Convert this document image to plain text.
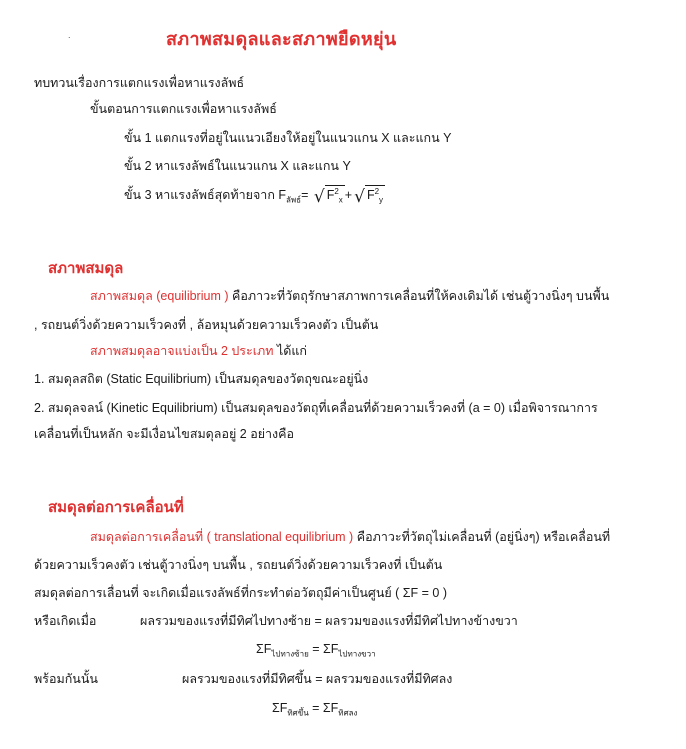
.	สภาพสมดุลและสภาพยืดหยุ่น
ทบทวนเรื่องการแตกแรงเพื่อหาแรงลัพธ์
ขั้นตอนการแตกแรงเพื่อหาแรงลัพธ์
ขั้น 1 แตกแรงที่อยู่ในแนวเอียงให้อยู่ในแนวแกน X และแกน Y
ขั้น 2 หาแรงลัพธ์ในแนวแกน X และแกน Y
ขั้น 3 หาแรงลัพธ์สุดท้ายจาก $F_{ลัพธ์}=$ √ $F^2_x$ + √ $F^2_y$
สภาพสมดุล
สภาพสมดุล (equilibrium ) คือภาวะที่วัตถุรักษาสภาพการเคลื่อนที่ให้คงเดิมได้ เช่นตู้วางนิ่งๆ บนพื้น
, รถยนต์วิ่งด้วยความเร็วคงที่ , ล้อหมุนด้วยความเร็วคงตัว เป็นต้น
สภาพสมดุลอาจแบ่งเป็น 2 ประเภท ได้แก่
1. สมดุลสถิต (Static Equilibrium) เป็นสมดุลของวัตถุขณะอยู่นิ่ง
2. สมดุลจลน์ (Kinetic Equilibrium) เป็นสมดุลของวัตถุที่เคลื่อนที่ด้วยความเร็วคงที่ (a = 0) เมื่อพิจารณาการ
เคลื่อนที่เป็นหลัก จะมีเงื่อนไขสมดุลอยู่ 2 อย่างคือ
สมดุลต่อการเคลื่อนที่
สมดุลต่อการเคลื่อนที่ ( translational equilibrium ) คือภาวะที่วัตถุไม่เคลื่อนที่ (อยู่นิ่งๆ) หรือเคลื่อนที่
ด้วยความเร็วคงตัว เช่นตู้วางนิ่งๆ บนพื้น , รถยนต์วิ่งด้วยความเร็วคงที่ เป็นต้น
สมดุลต่อการเลื่อนที่ จะเกิดเมื่อแรงลัพธ์ที่กระทำต่อวัตถุมีค่าเป็นศูนย์ ( ΣF = 0 )
หรือเกิดเมื่อ	ผลรวมของแรงที่มีทิศไปทางซ้าย = ผลรวมของแรงที่มีทิศไปทางข้างขวา
$\Sigma F_{ไปทางซ้าย} = \Sigma F_{ไปทางขวา}$
พร้อมกันนั้น	ผลรวมของแรงที่มีทิศขึ้น = ผลรวมของแรงที่มีทิศลง
$\Sigma F_{ทิศขึ้น} = \Sigma F_{ทิศลง}$
